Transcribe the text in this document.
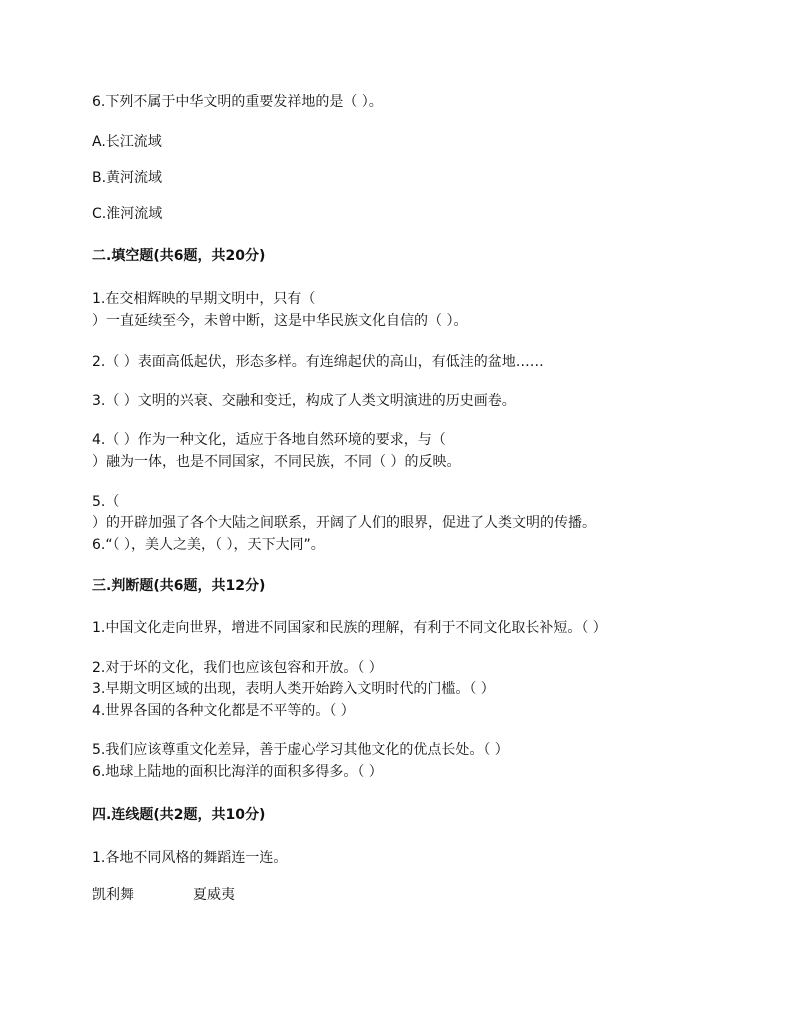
6.下列不属于中华文明的重要发祥地的是（ ）。
A.长江流域
B.黄河流域
C.淮河流域
二.填空题(共6题，共20分)
1.在交相辉映的早期文明中，只有（
）一直延续至今，未曾中断，这是中华民族文化自信的（ ）。
2.（ ）表面高低起伏，形态多样。有连绵起伏的高山，有低洼的盆地……
3.（ ）文明的兴衰、交融和变迁，构成了人类文明演进的历史画卷。
4.（ ）作为一种文化，适应于各地自然环境的要求，与（
）融为一体，也是不同国家，不同民族，不同（ ）的反映。
5.（
）的开辟加强了各个大陆之间联系，开阔了人们的眼界，促进了人类文明的传播。
6.“（ ），美人之美，（ ），天下大同”。
三.判断题(共6题，共12分)
1.中国文化走向世界，增进不同国家和民族的理解，有利于不同文化取长补短。（ ）
2.对于坏的文化，我们也应该包容和开放。（ ）
3.早期文明区域的出现，表明人类开始跨入文明时代的门槛。（ ）
4.世界各国的各种文化都是不平等的。（ ）
5.我们应该尊重文化差异，善于虚心学习其他文化的优点长处。（ ）
6.地球上陆地的面积比海洋的面积多得多。（ ）
四.连线题(共2题，共10分)
1.各地不同风格的舞蹈连一连。
凯利舞	夏威夷
